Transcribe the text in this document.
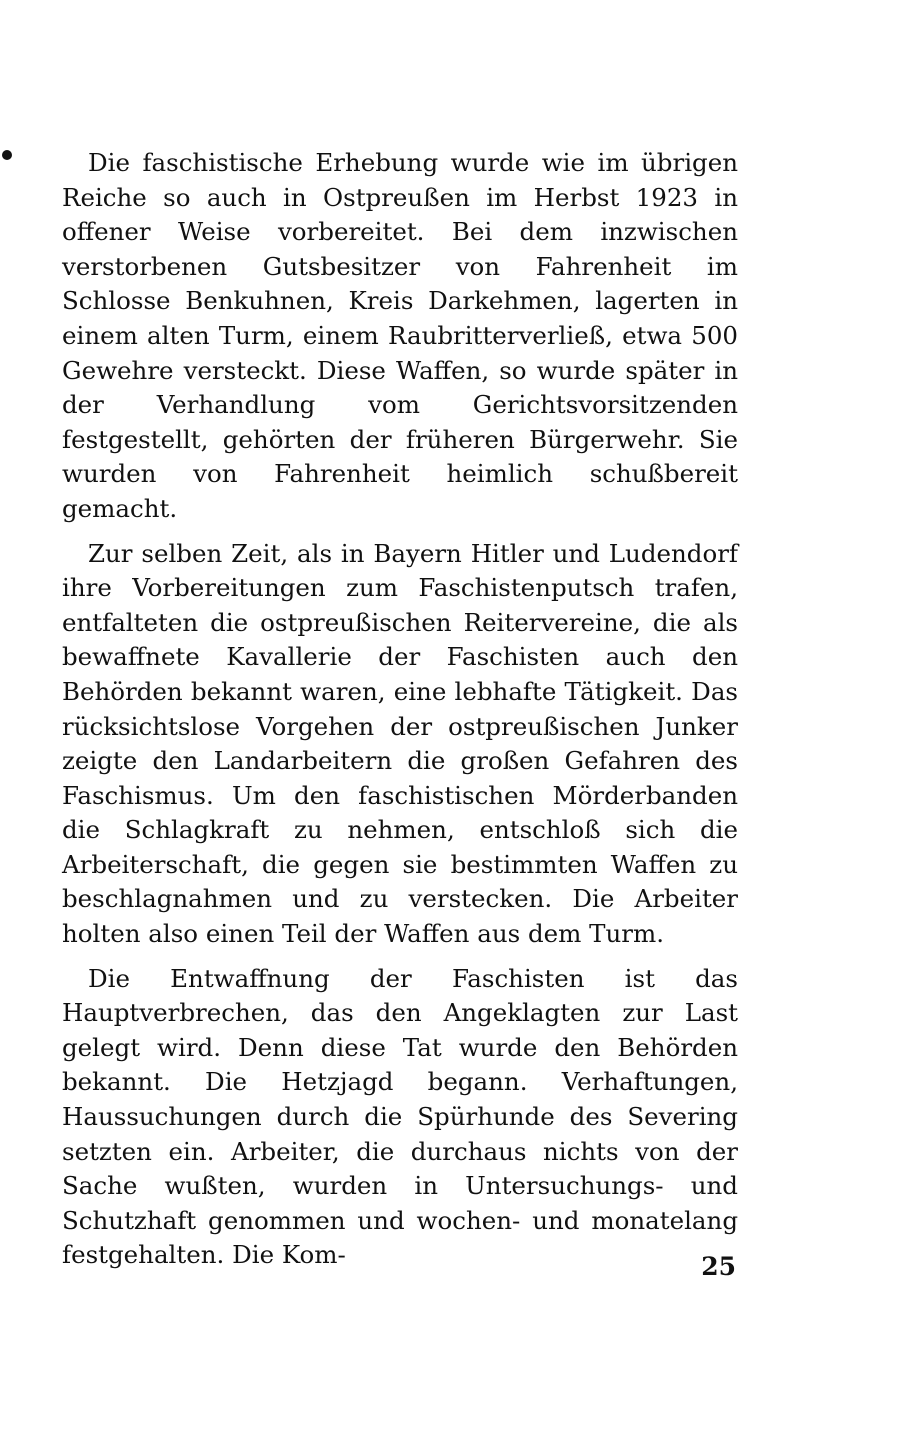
Die faschistische Erhebung wurde wie im übrigen Reiche so auch in Ostpreußen im Herbst 1923 in offener Weise vorbereitet. Bei dem inzwischen verstorbenen Gutsbesitzer von Fahrenheit im Schlosse Benkuhnen, Kreis Darkehmen, lagerten in einem alten Turm, einem Raubritterverließ, etwa 500 Gewehre versteckt. Diese Waffen, so wurde später in der Verhandlung vom Gerichtsvorsitzenden festgestellt, gehörten der früheren Bürgerwehr. Sie wurden von Fahrenheit heimlich schußbereit gemacht.

Zur selben Zeit, als in Bayern Hitler und Ludendorf ihre Vorbereitungen zum Faschistenputsch trafen, entfalteten die ostpreußischen Reitervereine, die als bewaffnete Kavallerie der Faschisten auch den Behörden bekannt waren, eine lebhafte Tätigkeit. Das rücksichtslose Vorgehen der ostpreußischen Junker zeigte den Landarbeitern die großen Gefahren des Faschismus. Um den faschistischen Mörderbanden die Schlagkraft zu nehmen, entschloß sich die Arbeiterschaft, die gegen sie bestimmten Waffen zu beschlagnahmen und zu verstecken. Die Arbeiter holten also einen Teil der Waffen aus dem Turm.

Die Entwaffnung der Faschisten ist das Hauptverbrechen, das den Angeklagten zur Last gelegt wird. Denn diese Tat wurde den Behörden bekannt. Die Hetzjagd begann. Verhaftungen, Haussuchungen durch die Spürhunde des Severing setzten ein. Arbeiter, die durchaus nichts von der Sache wußten, wurden in Untersuchungs- und Schutzhaft genommen und wochen- und monatelang festgehalten. Die Kom-	25
